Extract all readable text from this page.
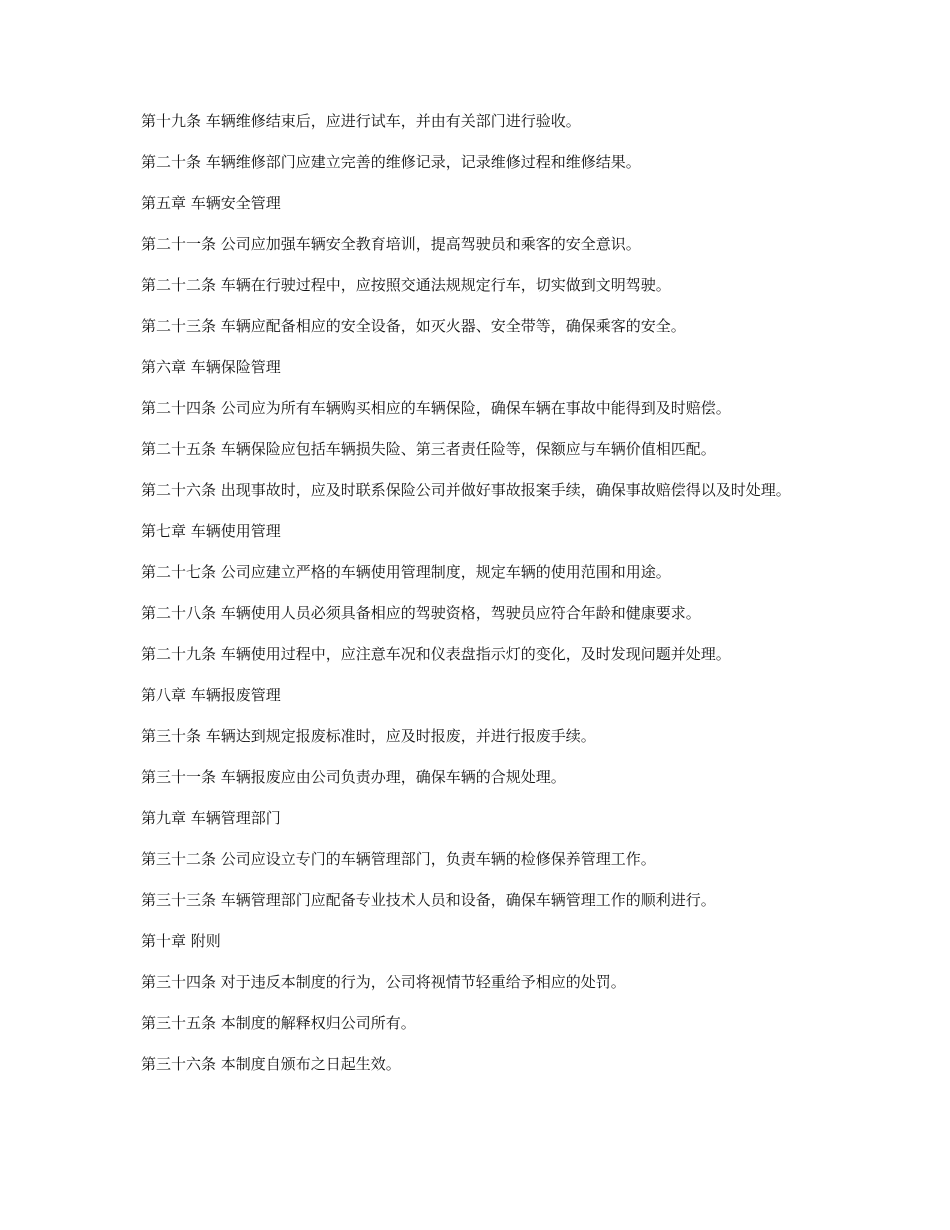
第十九条 车辆维修结束后，应进行试车，并由有关部门进行验收。

第二十条 车辆维修部门应建立完善的维修记录，记录维修过程和维修结果。

第五章 车辆安全管理

第二十一条 公司应加强车辆安全教育培训，提高驾驶员和乘客的安全意识。

第二十二条 车辆在行驶过程中，应按照交通法规规定行车，切实做到文明驾驶。

第二十三条 车辆应配备相应的安全设备，如灭火器、安全带等，确保乘客的安全。

第六章 车辆保险管理

第二十四条 公司应为所有车辆购买相应的车辆保险，确保车辆在事故中能得到及时赔偿。

第二十五条 车辆保险应包括车辆损失险、第三者责任险等，保额应与车辆价值相匹配。

第二十六条 出现事故时，应及时联系保险公司并做好事故报案手续，确保事故赔偿得以及时处理。

第七章 车辆使用管理

第二十七条 公司应建立严格的车辆使用管理制度，规定车辆的使用范围和用途。

第二十八条 车辆使用人员必须具备相应的驾驶资格，驾驶员应符合年龄和健康要求。

第二十九条 车辆使用过程中，应注意车况和仪表盘指示灯的变化，及时发现问题并处理。

第八章 车辆报废管理

第三十条 车辆达到规定报废标准时，应及时报废，并进行报废手续。

第三十一条 车辆报废应由公司负责办理，确保车辆的合规处理。

第九章 车辆管理部门

第三十二条 公司应设立专门的车辆管理部门，负责车辆的检修保养管理工作。

第三十三条 车辆管理部门应配备专业技术人员和设备，确保车辆管理工作的顺利进行。

第十章 附则

第三十四条 对于违反本制度的行为，公司将视情节轻重给予相应的处罚。

第三十五条 本制度的解释权归公司所有。

第三十六条 本制度自颁布之日起生效。
